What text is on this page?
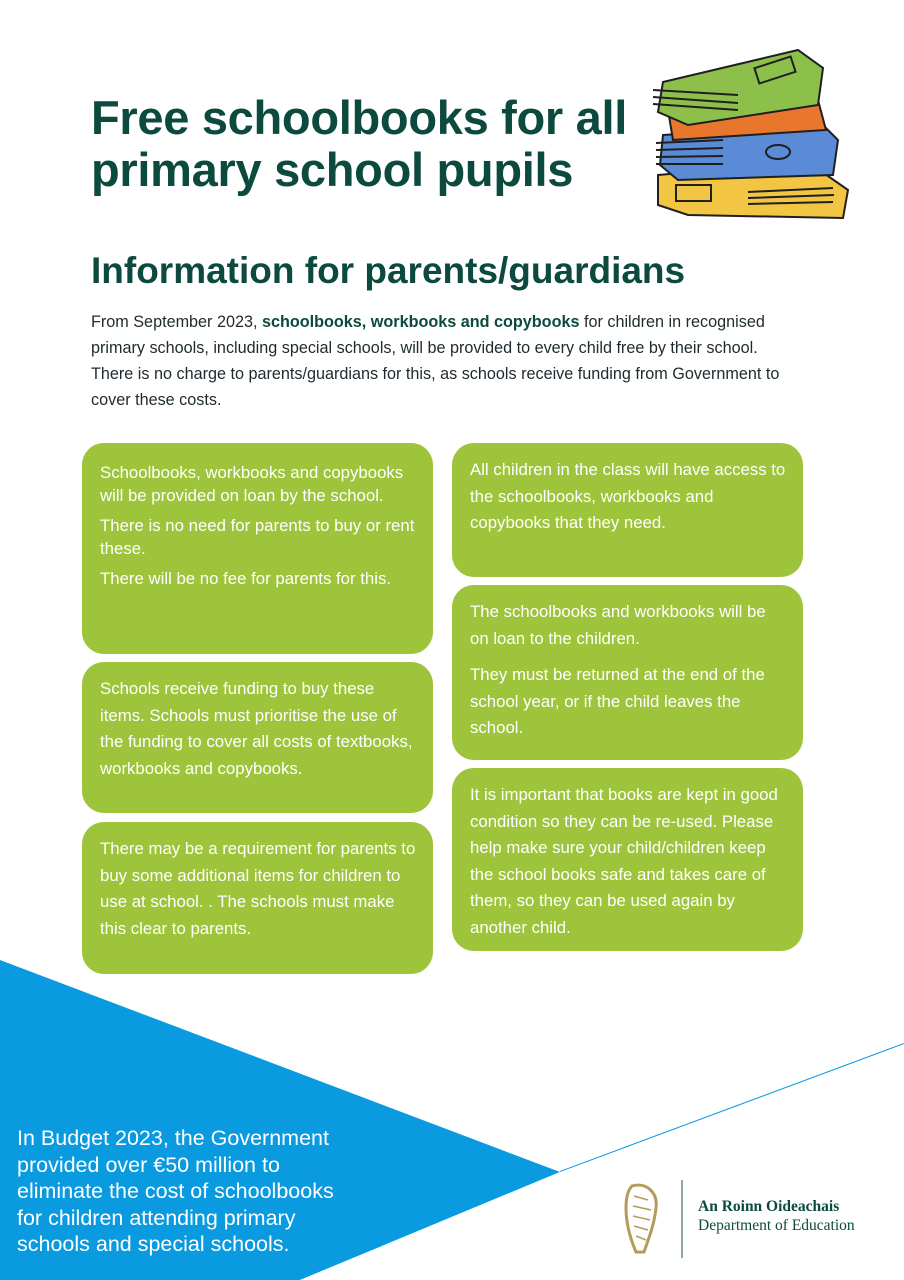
Free schoolbooks for all primary school pupils
Information for parents/guardians

From September 2023, schoolbooks, workbooks and copybooks for children in recognised primary schools, including special schools, will be provided to every child free by their school. There is no charge to parents/guardians for this, as schools receive funding from Government to cover these costs.

Schoolbooks, workbooks and copybooks will be provided on loan by the school.

There is no need for parents to buy or rent these.

There will be no fee for parents for this.

Schools receive funding to buy these items. Schools must prioritise the use of the funding to cover all costs of textbooks, workbooks and copybooks.

There may be a requirement for parents to buy some additional items for children to use at school. . The schools must make this clear to parents.

All children in the class will have access to the schoolbooks, workbooks and copybooks that they need.

The schoolbooks and workbooks will be on loan to the children.

They must be returned at the end of the school year, or if the child leaves the school.

It is important that books are kept in good condition so they can be re-used. Please help make sure your child/children keep the school books safe and takes care of them, so they can be used again by another child.

In Budget 2023, the Government provided over €50 million to eliminate the cost of schoolbooks for children attending primary schools and special schools.

An Roinn Oideachais
Department of Education
